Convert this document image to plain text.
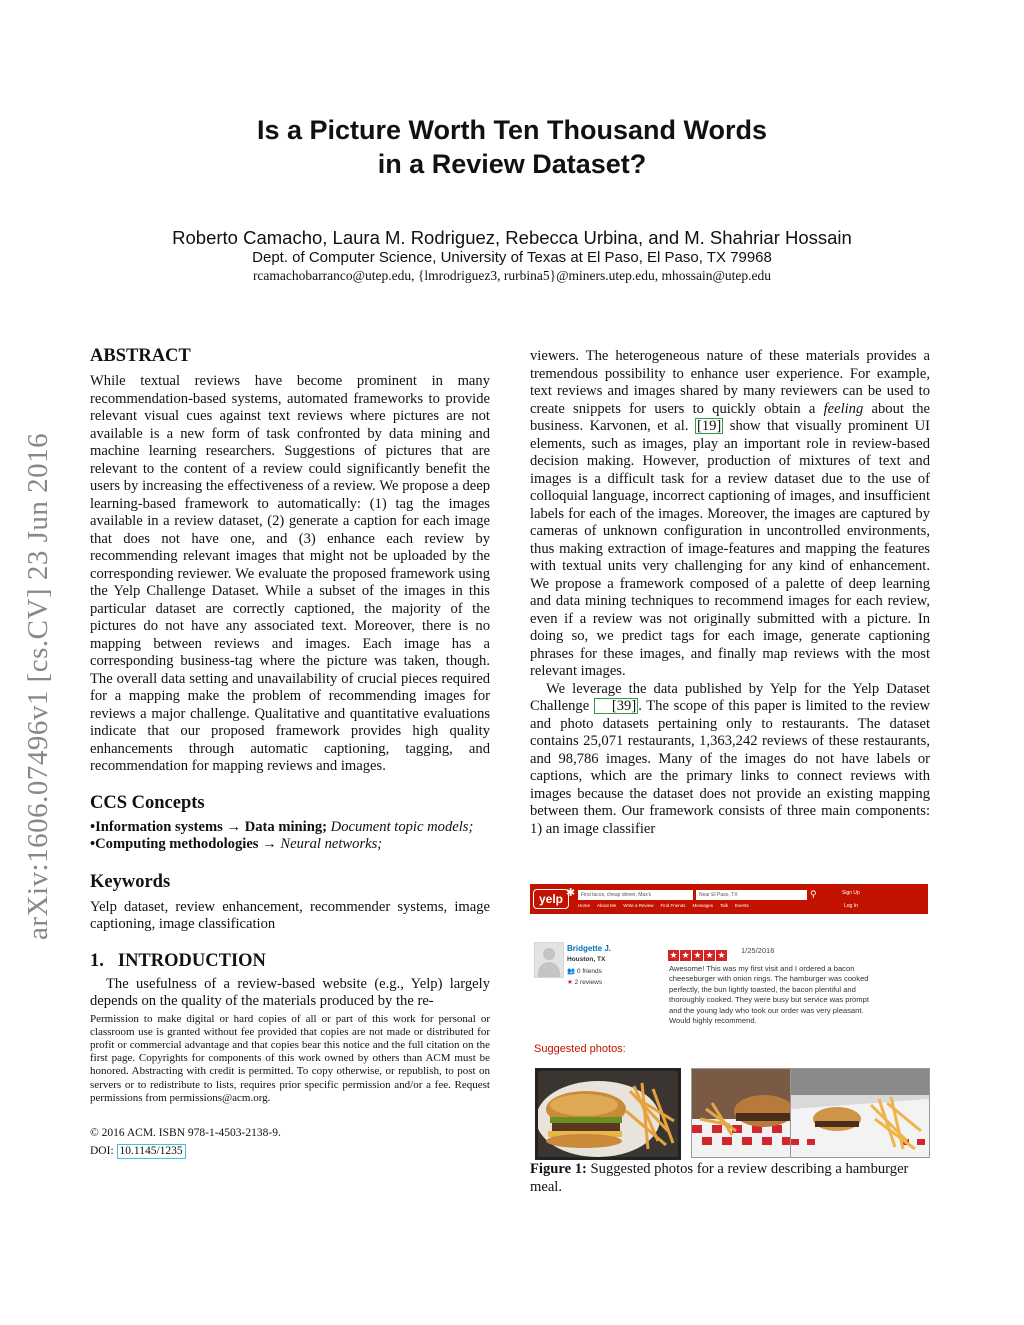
arXiv:1606.07496v1 [cs.CV] 23 Jun 2016
Is a Picture Worth Ten Thousand Words
in a Review Dataset?
Roberto Camacho, Laura M. Rodriguez, Rebecca Urbina, and M. Shahriar Hossain
Dept. of Computer Science, University of Texas at El Paso, El Paso, TX 79968
rcamachobarranco@utep.edu, {lmrodriguez3, rurbina5}@miners.utep.edu, mhossain@utep.edu
ABSTRACT

While textual reviews have become prominent in many recommendation-based systems, automated frameworks to provide relevant visual cues against text reviews where pictures are not available is a new form of task confronted by data mining and machine learning researchers. Suggestions of pictures that are relevant to the content of a review could significantly benefit the users by increasing the effectiveness of a review. We propose a deep learning-based framework to automatically: (1) tag the images available in a review dataset, (2) generate a caption for each image that does not have one, and (3) enhance each review by recommending relevant images that might not be uploaded by the corresponding reviewer. We evaluate the proposed framework using the Yelp Challenge Dataset. While a subset of the images in this particular dataset are correctly captioned, the majority of the pictures do not have any associated text. Moreover, there is no mapping between reviews and images. Each image has a corresponding business-tag where the picture was taken, though. The overall data setting and unavailability of crucial pieces required for a mapping make the problem of recommending images for reviews a major challenge. Qualitative and quantitative evaluations indicate that our proposed framework provides high quality enhancements through automatic captioning, tagging, and recommendation for mapping reviews and images.

CCS Concepts

•Information systems → Data mining; Document topic models; •Computing methodologies → Neural networks;

Keywords

Yelp dataset, review enhancement, recommender systems, image captioning, image classification

1. INTRODUCTION

The usefulness of a review-based website (e.g., Yelp) largely depends on the quality of the materials produced by the re-

Permission to make digital or hard copies of all or part of this work for personal or classroom use is granted without fee provided that copies are not made or distributed for profit or commercial advantage and that copies bear this notice and the full citation on the first page. Copyrights for components of this work owned by others than ACM must be honored. Abstracting with credit is permitted. To copy otherwise, or republish, to post on servers or to redistribute to lists, requires prior specific permission and/or a fee. Request permissions from permissions@acm.org.

© 2016 ACM. ISBN 978-1-4503-2138-9.

DOI: 10.1145/1235

viewers. The heterogeneous nature of these materials provides a tremendous possibility to enhance user experience. For example, text reviews and images shared by many reviewers can be used to create snippets for users to quickly obtain a feeling about the business. Karvonen, et al. [19] show that visually prominent UI elements, such as images, play an important role in review-based decision making. However, production of mixtures of text and images is a difficult task for a review dataset due to the use of colloquial language, incorrect captioning of images, and insufficient labels for each of the images. Moreover, the images are captured by cameras of unknown configuration in uncontrolled environments, thus making extraction of image-features and mapping the features with textual units very challenging for any kind of enhancement. We propose a framework composed of a palette of deep learning and data mining techniques to recommend images for each review, even if a review was not originally submitted with a picture. In doing so, we predict tags for each image, generate captioning phrases for these images, and finally map reviews with the most relevant images.

We leverage the data published by Yelp for the Yelp Dataset Challenge [39] . The scope of this paper is limited to the review and photo datasets pertaining only to restaurants. The dataset contains 25,071 restaurants, 1,363,242 reviews of these restaurants, and 98,786 images. Many of the images do not have labels or captions, which are the primary links to connect reviews with images because the dataset does not provide an existing mapping between them. Our framework consists of three main components: 1) an image classifier

yelp ✱	Find tacos, cheap dinner, Max's	Near El Paso, TX	⚲	Sign Up
Log In
Home About Me Write a Review Find Friends Messages Talk Events
Bridgette J.
Houston, TX
👥 0 friends
★ 2 reviews
★ ★ ★ ★ ★	1/25/2016
Awesome! This was my first visit and I ordered a bacon cheeseburger with onion rings. The hamburger was cooked perfectly, the bun lightly toasted, the bacon plentiful and thoroughly cooked. They were busy but service was prompt and the young lady who took our order was very pleasant. Would highly recommend.
Suggested photos:
Figure 1: Suggested photos for a review describing a hamburger meal.
